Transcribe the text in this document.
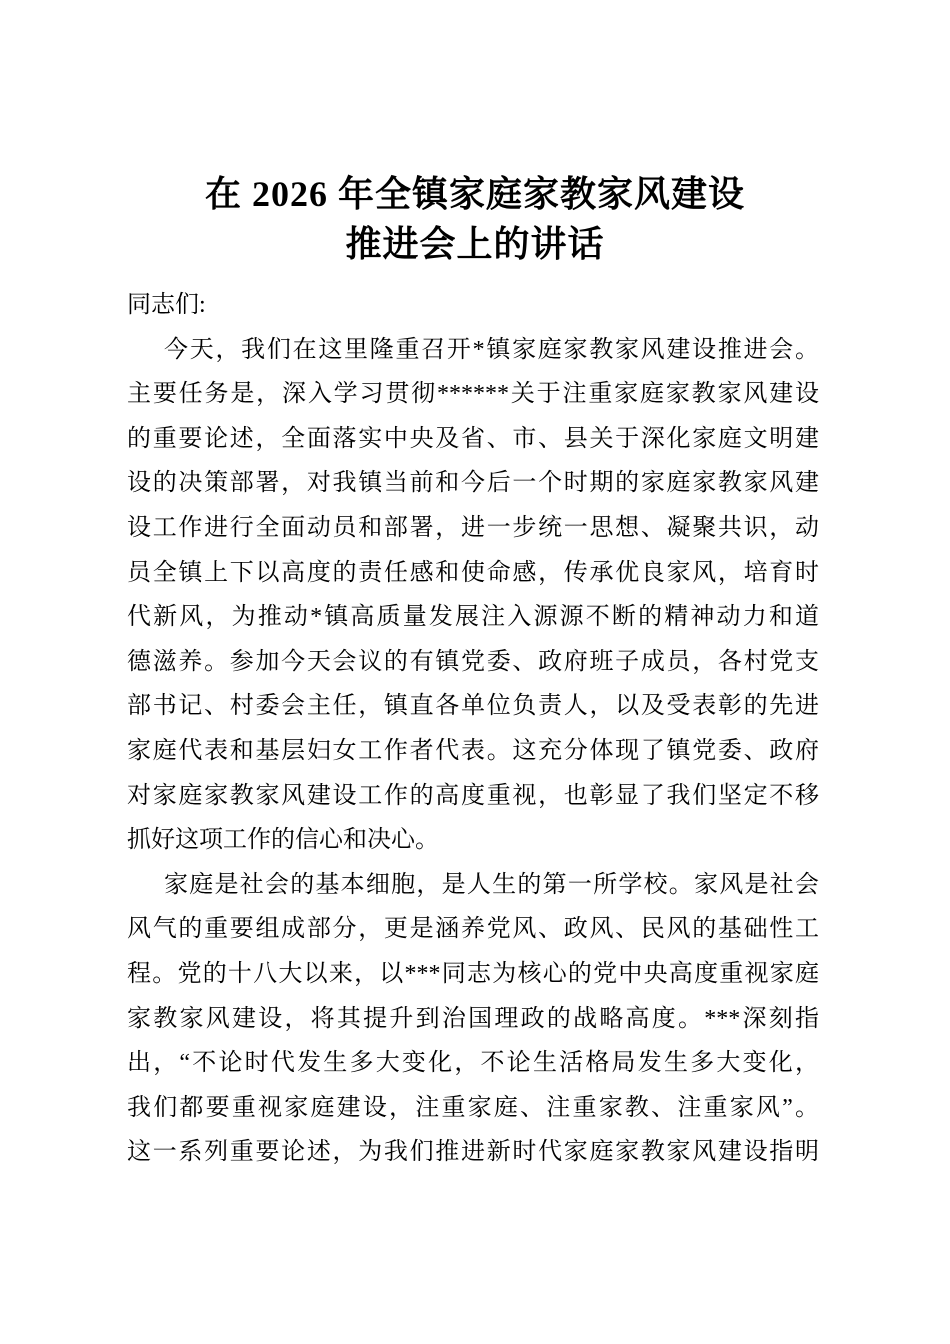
在 2026 年全镇家庭家教家风建设
推进会上的讲话
同志们:
今天，我们在这里隆重召开*镇家庭家教家风建设推进会。
主要任务是，深入学习贯彻******关于注重家庭家教家风建设
的重要论述，全面落实中央及省、市、县关于深化家庭文明建
设的决策部署，对我镇当前和今后一个时期的家庭家教家风建
设工作进行全面动员和部署，进一步统一思想、凝聚共识，动
员全镇上下以高度的责任感和使命感，传承优良家风，培育时
代新风，为推动*镇高质量发展注入源源不断的精神动力和道
德滋养。参加今天会议的有镇党委、政府班子成员，各村党支
部书记、村委会主任，镇直各单位负责人，以及受表彰的先进
家庭代表和基层妇女工作者代表。这充分体现了镇党委、政府
对家庭家教家风建设工作的高度重视，也彰显了我们坚定不移
抓好这项工作的信心和决心。
家庭是社会的基本细胞，是人生的第一所学校。家风是社会
风气的重要组成部分，更是涵养党风、政风、民风的基础性工
程。党的十八大以来，以***同志为核心的党中央高度重视家庭
家教家风建设，将其提升到治国理政的战略高度。***深刻指
出，“不论时代发生多大变化，不论生活格局发生多大变化，
我们都要重视家庭建设，注重家庭、注重家教、注重家风”。
这一系列重要论述，为我们推进新时代家庭家教家风建设指明
